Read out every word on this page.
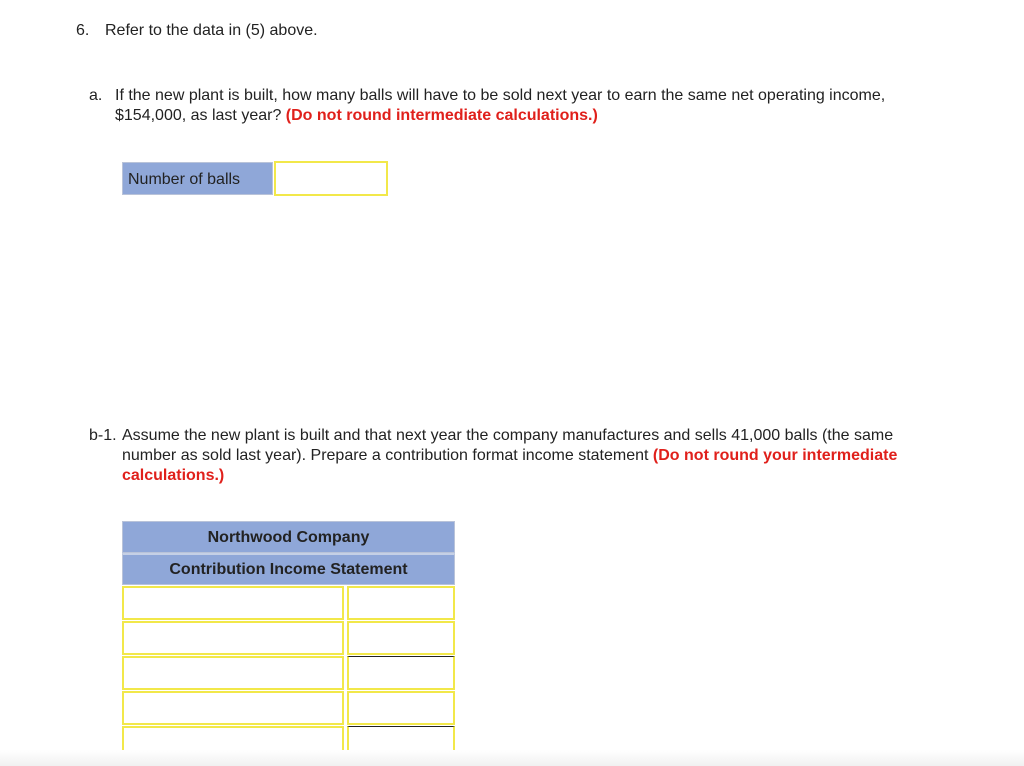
6. Refer to the data in (5) above.
a. If the new plant is built, how many balls will have to be sold next year to earn the same net operating income, $154,000, as last year? (Do not round intermediate calculations.)
Number of balls
b-1. Assume the new plant is built and that next year the company manufactures and sells 41,000 balls (the same number as sold last year). Prepare a contribution format income statement (Do not round your intermediate calculations.)
Northwood Company
Contribution Income Statement
